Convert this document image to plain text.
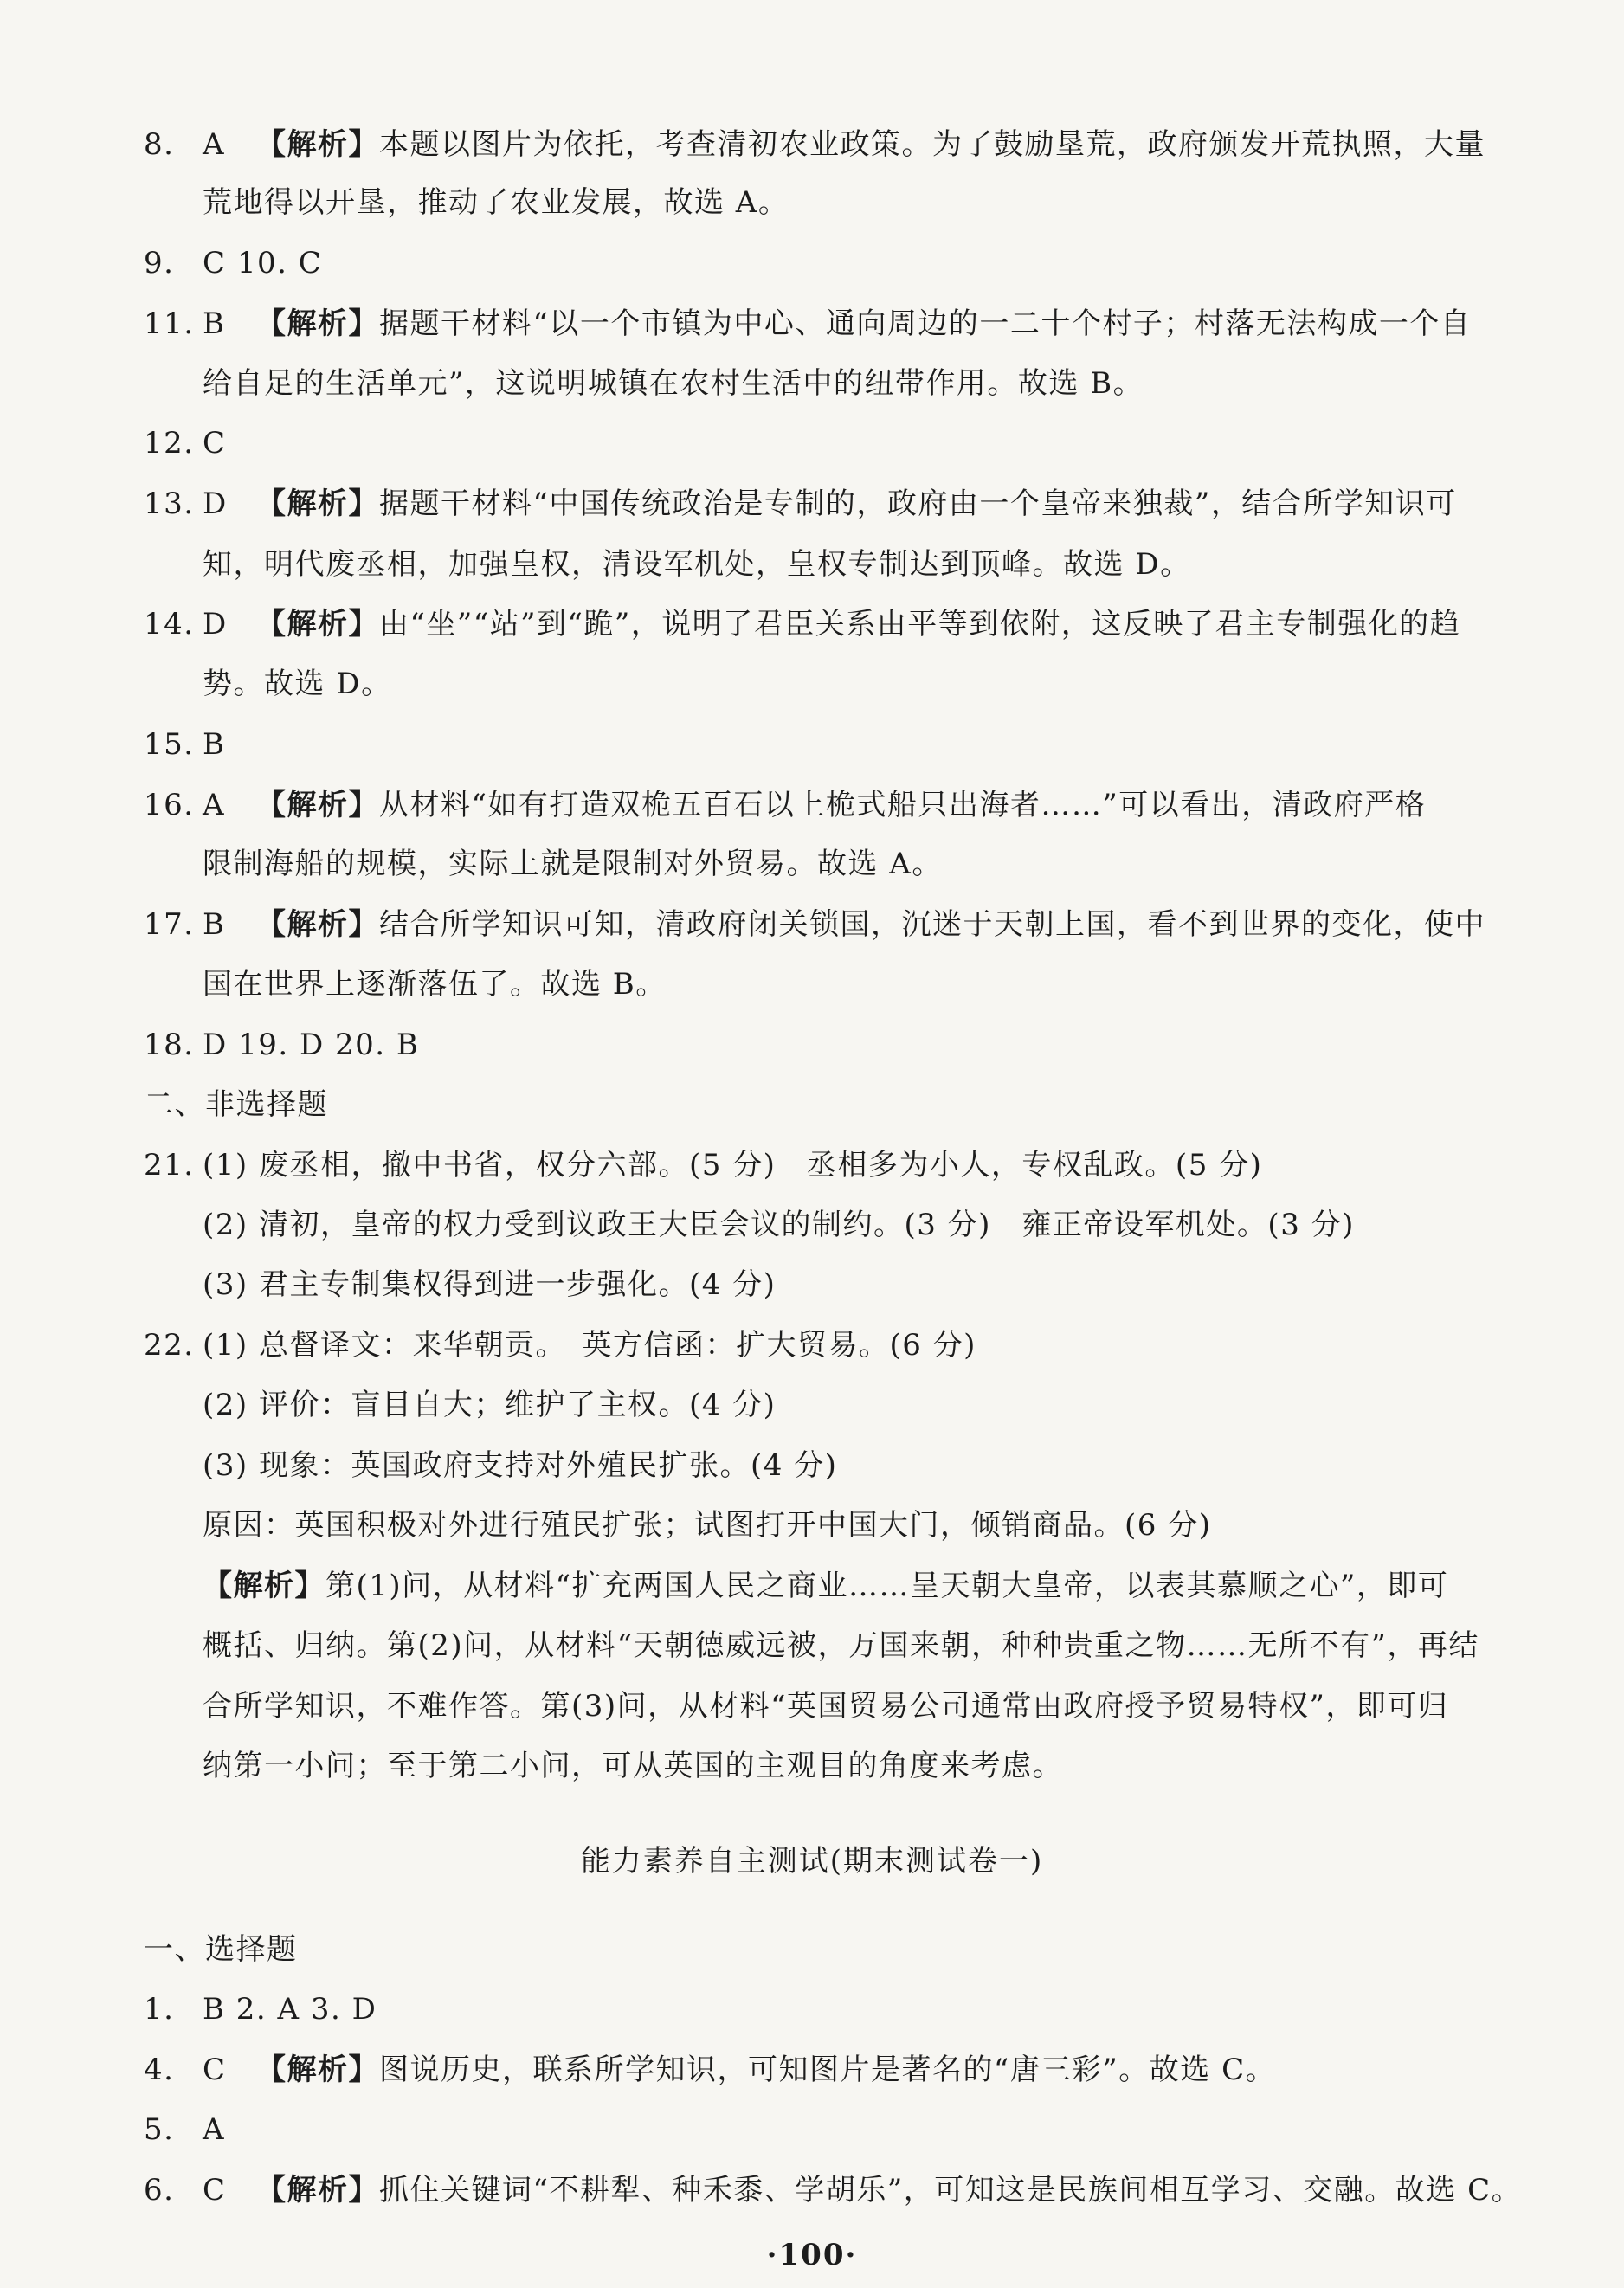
8. A 【解析】本题以图片为依托，考查清初农业政策。为了鼓励垦荒，政府颁发开荒执照，大量
荒地得以开垦，推动了农业发展，故选 A。
9. C 10. C
11. B 【解析】据题干材料“以一个市镇为中心、通向周边的一二十个村子；村落无法构成一个自
给自足的生活单元”，这说明城镇在农村生活中的纽带作用。故选 B。
12. C
13. D 【解析】据题干材料“中国传统政治是专制的，政府由一个皇帝来独裁”，结合所学知识可
知，明代废丞相，加强皇权，清设军机处，皇权专制达到顶峰。故选 D。
14. D 【解析】由“坐”“站”到“跪”，说明了君臣关系由平等到依附，这反映了君主专制强化的趋
势。故选 D。
15. B
16. A 【解析】从材料“如有打造双桅五百石以上桅式船只出海者……”可以看出，清政府严格
限制海船的规模，实际上就是限制对外贸易。故选 A。
17. B 【解析】结合所学知识可知，清政府闭关锁国，沉迷于天朝上国，看不到世界的变化，使中
国在世界上逐渐落伍了。故选 B。
18. D 19. D 20. B
二、非选择题
21. (1) 废丞相，撤中书省，权分六部。(5 分)　丞相多为小人，专权乱政。(5 分)
(2) 清初，皇帝的权力受到议政王大臣会议的制约。(3 分)　雍正帝设军机处。(3 分)
(3) 君主专制集权得到进一步强化。(4 分)
22. (1) 总督译文：来华朝贡。　英方信函：扩大贸易。(6 分)
(2) 评价：盲目自大；维护了主权。(4 分)
(3) 现象：英国政府支持对外殖民扩张。(4 分)
原因：英国积极对外进行殖民扩张；试图打开中国大门，倾销商品。(6 分)
【解析】第(1)问，从材料“扩充两国人民之商业……呈天朝大皇帝，以表其慕顺之心”，即可
概括、归纳。第(2)问，从材料“天朝德威远被，万国来朝，种种贵重之物……无所不有”，再结
合所学知识，不难作答。第(3)问，从材料“英国贸易公司通常由政府授予贸易特权”，即可归
纳第一小问；至于第二小问，可从英国的主观目的角度来考虑。
能力素养自主测试(期末测试卷一)
一、选择题
1. B 2. A 3. D
4. C 【解析】图说历史，联系所学知识，可知图片是著名的“唐三彩”。故选 C。
5. A
6. C 【解析】抓住关键词“不耕犁、种禾黍、学胡乐”，可知这是民族间相互学习、交融。故选 C。
·100·
